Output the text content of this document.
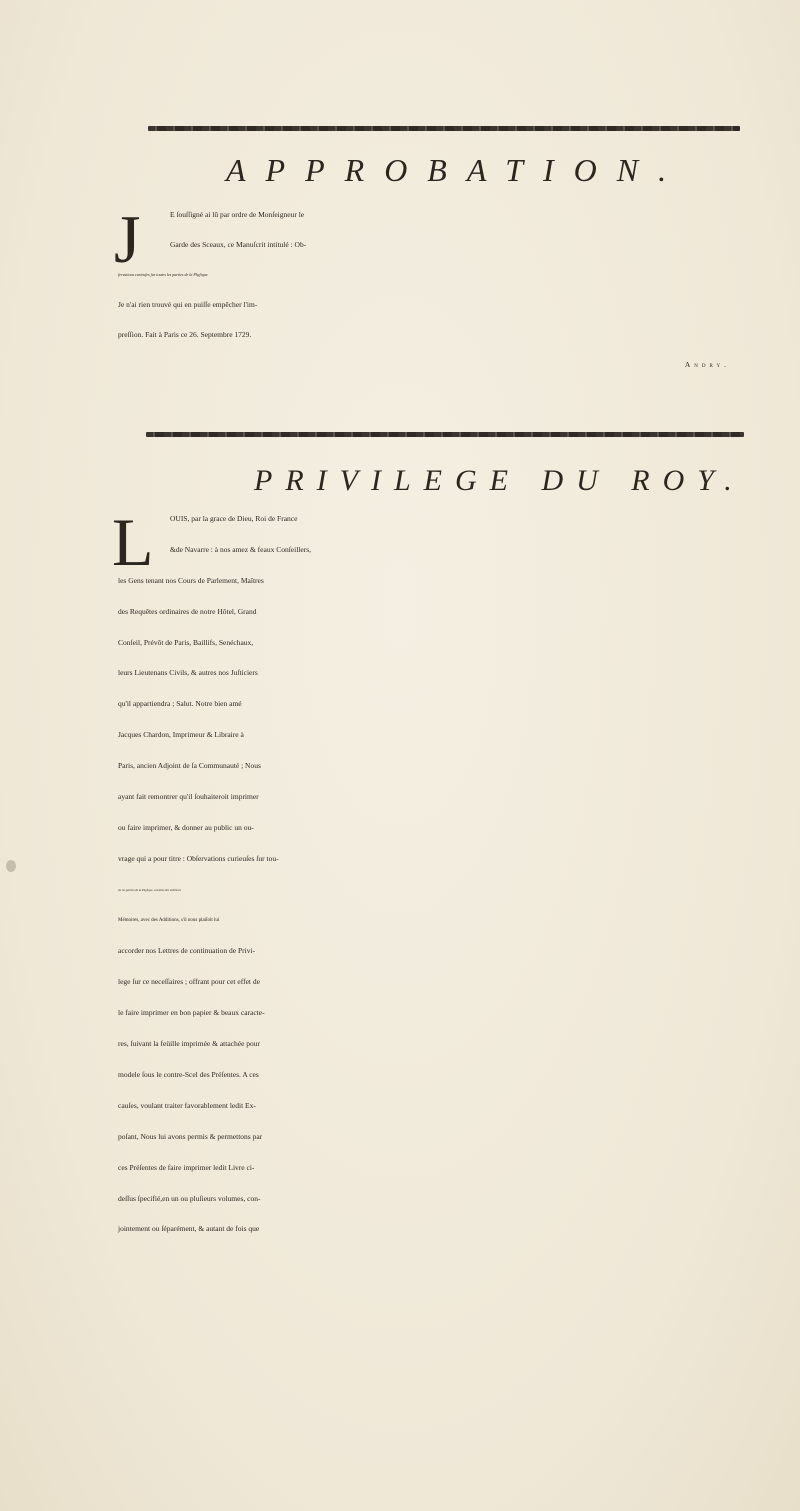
APPROBATION.
J	E ſouſſigné ai lû par ordre de Monſeigneur le
Garde des Sceaux, ce Manuſcrit intitulé : Ob-
ſervations curieuſes ſur toutes les parties de la Phyſique.
Je n'ai rien trouvé qui en puiſſe empêcher l'im-
preſſion. Fait à Paris ce 26. Septembre 1729.
Andry.
PRIVILEGE DU ROY.
L	OUIS, par la grace de Dieu, Roi de France
&de Navarre : à nos amez & feaux Conſeillers,
les Gens tenant nos Cours de Parlement, Maîtres
des Requêtes ordinaires de notre Hôtel, Grand
Conſeil, Prévôt de Paris, Baillifs, Senéchaux,
leurs Lieutenans Civils, & autres nos Juſticiers
qu'il appartiendra ; Salut. Notre bien amé
Jacques Chardon, Imprimeur & Libraire à
Paris, ancien Adjoint de ſa Communauté ; Nous
ayant fait remontrer qu'il ſouhaiteroit imprimer
ou faire imprimer, & donner au public un ou-
vrage qui a pour titre : Obſervations curieuſes ſur tou-
tes les parties de la Phyſique, extraites des meilleurs
Mémoires, avec des Additions, s'il nous plaiſoit lui
accorder nos Lettres de continuation de Privi-
lege ſur ce neceſſaires ; offrant pour cet effet de
le faire imprimer en bon papier & beaux caracte-
res, ſuivant la feüille imprimée & attachée pour
modele ſous le contre-Scel des Préſentes. A ces
cauſes, voulant traiter favorablement ledit Ex-
poſant, Nous lui avons permis & permettons par
ces Préſentes de faire imprimer ledit Livre ci-
deſſus ſpecifié,en un ou pluſieurs volumes, con-
jointement ou ſéparément, & autant de fois que
